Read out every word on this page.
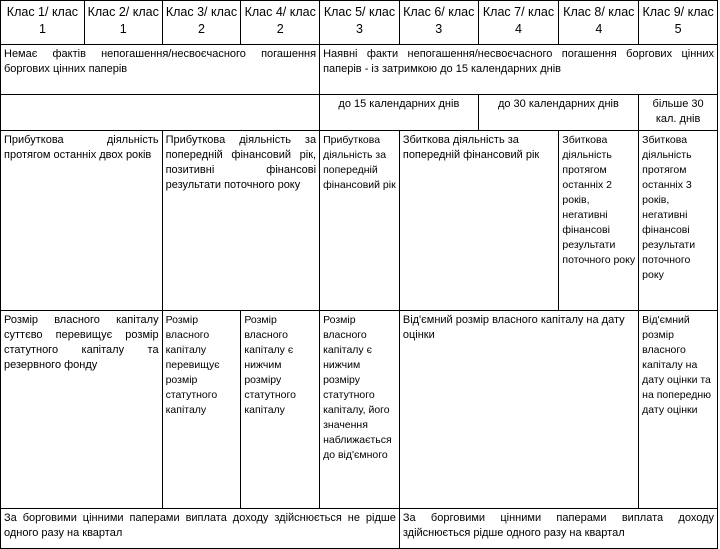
Клас 1/ клас 1	Клас 2/ клас 1	Клас 3/ клас 2	Клас 4/ клас 2	Клас 5/ клас 3	Клас 6/ клас 3	Клас 7/ клас 4	Клас 8/ клас 4	Клас 9/ клас 5
Немає фактів непогашення/несвоєчасного погашення боргових цінних паперів				Наявні факти непогашення/несвоєчасного погашення боргових цінних паперів - із затримкою до 15 календарних днів				
				до 15 календарних днів		до 30 календарних днів		більше 30 кал. днів
Прибуткова діяльність протягом останніх двох років		Прибуткова діяльність за попередній фінансовий рік, позитивні фінансові результати поточного року		Прибуткова діяльність за попередній фінансовий рік	Збиткова діяльність за попередній фінансовий рік		Збиткова діяльність протягом останніх 2 років, негативні фінансові результати поточного року	Збиткова діяльність протягом останніх 3 років, негативні фінансові результати поточного року
Розмір власного капіталу суттєво перевищує розмір статутного капіталу та резервного фонду		Розмір власного капіталу перевищує розмір статутного капіталу	Розмір власного капіталу є нижчим розміру статутного капіталу	Розмір власного капіталу є нижчим розміру статутного капіталу, його значення наближається до від'ємного	Від'ємний розмір власного капіталу на дату оцінки			Від'ємний розмір власного капіталу на дату оцінки та на попередню дату оцінки
За борговими цінними паперами виплата доходу здійснюється не рідше одного разу на квартал					За борговими цінними паперами виплата доходу здійснюється рідше одного разу на квартал			
